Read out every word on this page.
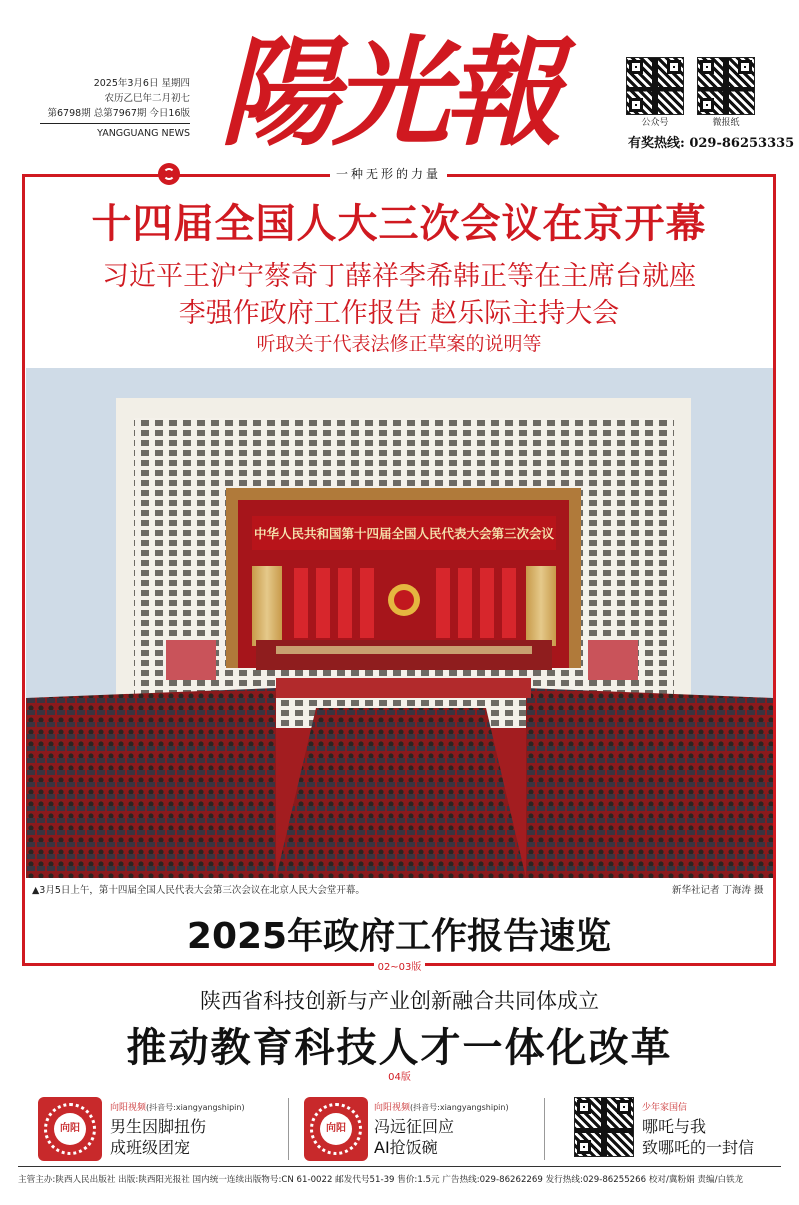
2025年3月6日 星期四
农历乙巳年二月初七
第6798期 总第7967期 今日16版
YANGGUANG NEWS 陽光報	公众号	微报纸
有奖热线: 029-86253335
一种无形的力量
十四届全国人大三次会议在京开幕
习近平王沪宁蔡奇丁薛祥李希韩正等在主席台就座
李强作政府工作报告 赵乐际主持大会
听取关于代表法修正草案的说明等
中华人民共和国第十四届全国人民代表大会第三次会议
▲3月5日上午，第十四届全国人民代表大会第三次会议在北京人民大会堂开幕。	新华社记者 丁海涛 摄
2025年政府工作报告速览
02~03版
陕西省科技创新与产业创新融合共同体成立
推动教育科技人才一体化改革
04版
向阳
向阳视频(抖音号:xiangyangshipin)
男生因脚扭伤
成班级团宠
向阳
向阳视频(抖音号:xiangyangshipin)
冯远征回应
AI抢饭碗
少年家国信
哪吒与我
致哪吒的一封信
主管主办:陕西人民出版社 出版:陕西阳光报社 国内统一连续出版物号:CN 61-0022 邮发代号51-39 售价:1.5元 广告热线:029-86262269 发行热线:029-86255266 校对/冀粉娟 责编/白铁龙
